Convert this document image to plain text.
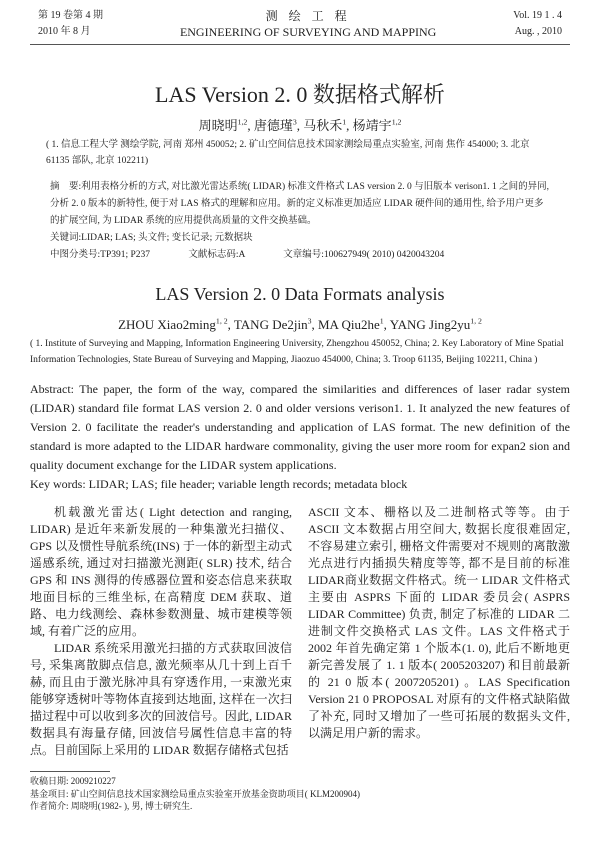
第 19 卷第 4 期
2010 年 8 月
测 绘 工 程
ENGINEERING OF SURVEYING AND MAPPING
Vol. 19 1 . 4
Aug. , 2010
LAS Version 2. 0 数据格式解析
周晓明$^{1,2}$, 唐德瑾$^3$, 马秋禾$^1$, 杨靖宇$^{1,2}$
( 1. 信息工程大学 测绘学院, 河南 郑州 450052; 2. 矿山空间信息技术国家测绘局重点实验室, 河南 焦作 454000; 3. 北京 61135 部队, 北京 102211)
摘　要:利用表格分析的方式, 对比激光雷达系统( LIDAR) 标准文件格式 LAS version 2. 0 与旧版本 verison1. 1 之间的异同, 分析 2. 0 版本的新特性, 便于对 LAS 格式的理解和应用。新的定义标准更加适应 LIDAR 硬件间的通用性, 给予用户更多的扩展空间, 为 LIDAR 系统的应用提供高质量的文件交换基础。
关键词:LIDAR; LAS; 头文件; 变长记录; 元数据块
中图分类号:TP391; P237	文献标志码:A	文章编号:100627949( 2010) 0420043204
LAS Version 2. 0 Data Formats analysis
ZHOU Xiao2ming$^{1, 2}$, TANG De2jin$^3$, MA $Qiu2he^1$, YANG Jing2yu$^{1, 2}$
( 1. Institute of Surveying and Mapping, Information Engineering University, Zhengzhou 450052, China; 2. Key Laboratory of Mine Spatial Information Technologies, State Bureau of Surveying and Mapping, Jiaozuo 454000, China; 3. Troop 61135, Beijing 102211, China )
Abstract: The paper, the form of the way, compared the similarities and differences of laser radar system (LIDAR) standard file format LAS version 2. 0 and older versions verison1. 1. It analyzed the new features of Version 2. 0 facilitate the reader's understanding and application of LAS format. The new definition of the standard is more adapted to the LIDAR hardware commonality, giving the user more room for expan2 sion and quality document exchange for the LIDAR system applications.
Key words: LIDAR; LAS; file header; variable length records; metadata block

机载激光雷达( Light detection and ranging, LIDAR) 是近年来新发展的一种集激光扫描仪、GPS 以及惯性导航系统(INS) 于一体的新型主动式遥感系统, 通过对扫描激光测距( SLR) 技术, 结合 GPS 和 INS 测得的传感器位置和姿态信息来获取地面目标的三维坐标, 在高精度 DEM 获取、道路、电力线测绘、森林参数测量、城市建模等领域, 有着广泛的应用。

LIDAR 系统采用激光扫描的方式获取回波信号, 采集离散脚点信息, 激光频率从几十到上百千赫, 而且由于激光脉冲具有穿透作用, 一束激光束能够穿透树叶等物体直接到达地面, 这样在一次扫描过程中可以收到多次的回波信号。因此, LIDAR 数据具有海量存储, 回波信号属性信息丰富的特点。目前国际上采用的 LIDAR 数据存储格式包括

ASCII 文本、栅格以及二进制格式等等。由于 ASCII 文本数据占用空间大, 数据长度很难固定, 不容易建立索引, 栅格文件需要对不规则的离散激光点进行内插损失精度等等, 都不是目前的标准 LIDAR商业数据文件格式。统一 LIDAR 文件格式主要由 ASPRS 下面的 LIDAR 委员会( ASPRS LIDAR Committee) 负责, 制定了标准的 LIDAR 二进制文件交换格式 LAS 文件。LAS 文件格式于 2002 年首先确定第 1 个版本(1. 0), 此后不断地更新完善发展了 1. 1 版本( 2005203207) 和目前最新的 21 0 版本( 2007205201) 。LAS Specification Version 21 0 PROPOSAL 对原有的文件格式缺陷做了补充, 同时又增加了一些可拓展的数据头文件, 以满足用户新的需求。

收稿日期: 2009210227
基金项目: 矿山空间信息技术国家测绘局重点实验室开放基金资助项目( KLM200904)
作者简介: 周晓明(1982- ), 男, 博士研究生.
